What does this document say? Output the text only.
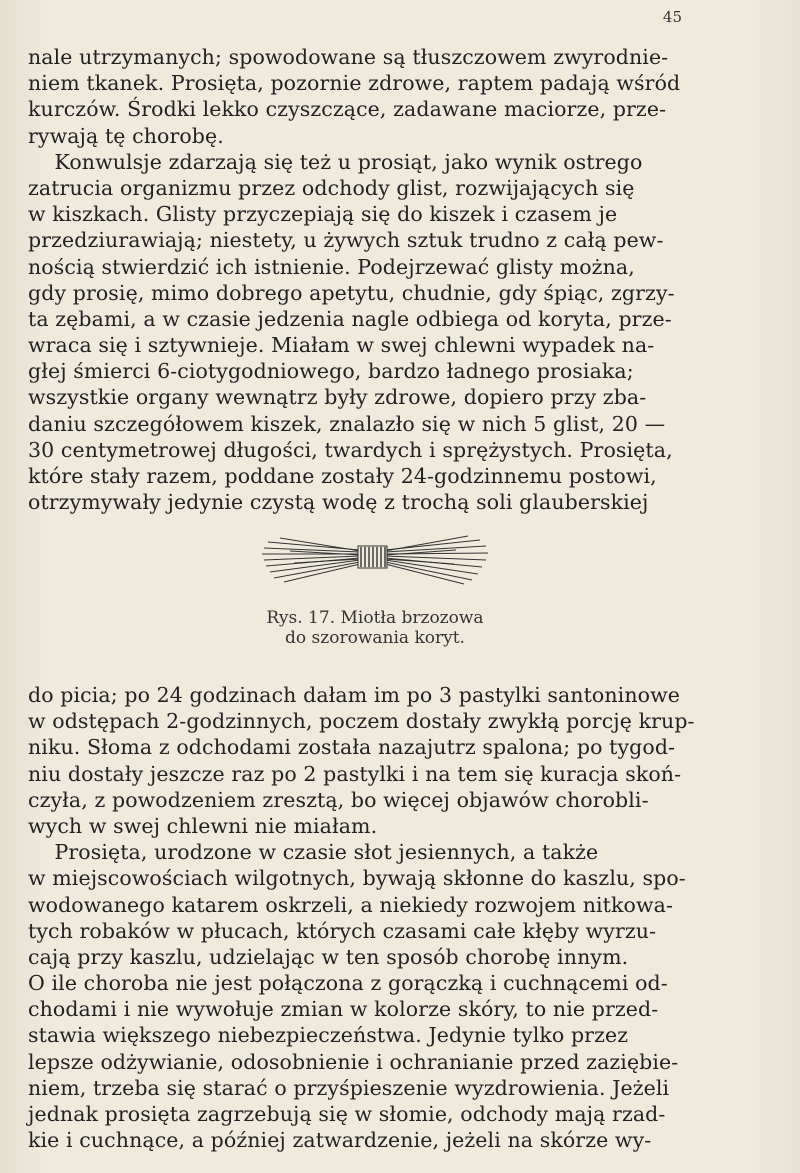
45
nale utrzymanych; spowodowane są tłuszczowem zwyrodnie-
niem tkanek. Prosięta, pozornie zdrowe, raptem padają wśród
kurczów. Środki lekko czyszczące, zadawane maciorze, prze-
rywają tę chorobę.
Konwulsje zdarzają się też u prosiąt, jako wynik ostrego
zatrucia organizmu przez odchody glist, rozwijających się
w kiszkach. Glisty przyczepiają się do kiszek i czasem je
przedziurawiają; niestety, u żywych sztuk trudno z całą pew-
nością stwierdzić ich istnienie. Podejrzewać glisty można,
gdy prosię, mimo dobrego apetytu, chudnie, gdy śpiąc, zgrzy-
ta zębami, a w czasie jedzenia nagle odbiega od koryta, prze-
wraca się i sztywnieje. Miałam w swej chlewni wypadek na-
głej śmierci 6-ciotygodniowego, bardzo ładnego prosiaka;
wszystkie organy wewnątrz były zdrowe, dopiero przy zba-
daniu szczegółowem kiszek, znalazło się w nich 5 glist, 20 —
30 centymetrowej długości, twardych i sprężystych. Prosięta,
które stały razem, poddane zostały 24-godzinnemu postowi,
otrzymywały jedynie czystą wodę z trochą soli glauberskiej
Rys. 17. Miotła brzozowa
do szorowania koryt.
do picia; po 24 godzinach dałam im po 3 pastylki santoninowe
w odstępach 2-godzinnych, poczem dostały zwykłą porcję krup-
niku. Słoma z odchodami została nazajutrz spalona; po tygod-
niu dostały jeszcze raz po 2 pastylki i na tem się kuracja skoń-
czyła, z powodzeniem zresztą, bo więcej objawów chorobli-
wych w swej chlewni nie miałam.
Prosięta, urodzone w czasie słot jesiennych, a także
w miejscowościach wilgotnych, bywają skłonne do kaszlu, spo-
wodowanego katarem oskrzeli, a niekiedy rozwojem nitkowa-
tych robaków w płucach, których czasami całe kłęby wyrzu-
cają przy kaszlu, udzielając w ten sposób chorobę innym.
O ile choroba nie jest połączona z gorączką i cuchnącemi od-
chodami i nie wywołuje zmian w kolorze skóry, to nie przed-
stawia większego niebezpieczeństwa. Jedynie tylko przez
lepsze odżywianie, odosobnienie i ochranianie przed zaziębie-
niem, trzeba się starać o przyśpieszenie wyzdrowienia. Jeżeli
jednak prosięta zagrzebują się w słomie, odchody mają rzad-
kie i cuchnące, a później zatwardzenie, jeżeli na skórze wy-
